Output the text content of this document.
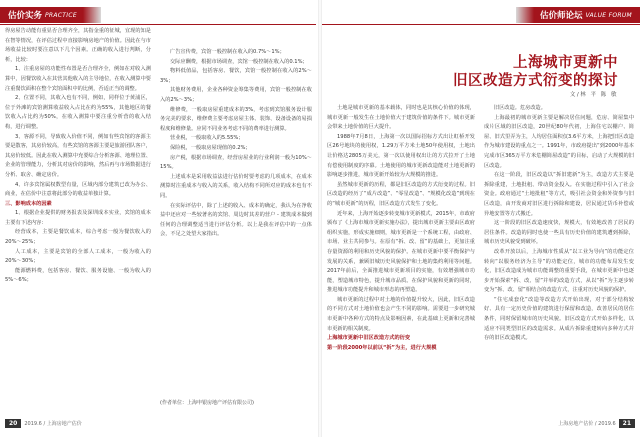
估价实务 PRACTICE	估价师论坛 VALUE FORUM

得房屋告动能有重显否合理齐全，其指金重的征城，宜现的知是在智等情况，在评估过程中直接影响房地产的价值。因此在与市场收益比较时要注意以下几个因素。正确的收入进行判断，分析，比较：

1、注重房屋的功能性布置是否合理齐全，例如在对收入测算中，因餐饮收入在其营其他收入的主导地位，在收入测算中要注重餐饮面积在整个宾馆面积中的比例，否适正当的调整。

2、位置不同，其收入也有不同，例如，同样位于黄浦区，位于外滩的宾馆测算收益收入占比在约为55%，其他地区的餐饮收入占比约为50%，在收入测算中要注重分析营的收入结构，进行调整。

3、客源不同，导致收入价值不同，例如有些宾馆的客源主要是散客，其房价较高，有些宾馆的客源主要是旅游团队客户，其房价较低。因此在收入测算中充要综合分析客源、地理位置、企业的管理能力，分析其对房价的影响，然后再与市场数据进行分析、取舍、确定房价。

4、许多宾馆属权数型有量，区域内部分建筑已改为办公、商业，在估价中注意将此部分的收益单独计算。

三、影响成本的因素

1、根据企业提供的财务报表及深圳成本实业，宾馆的成本主要有下述内容：

经营成本，主要是餐饮成本，综合考虑一般为餐饮收入的20%～25%；

人工成本，主要是宾馆的全部人工成本，一般为收入的20%～30%；

能源燃料费，包括客房、餐饮、服务设施、一般为收入的5%～6%；

广告宣传费，宾馆一般控制在收入的0.7%～1%；

交际应酬费，根据市场调查，宾馆一般控制在收入的0.1%；

物料低值品，包括客房、餐饮，宾馆一般控制在收入的2%～3%；

其他财务费用，企业各种资金筹集等费用，宾馆一般控制在收入的2%～3%；

维修费，一般取房屋重建成本的3%，考虑到宾馆服务设计服务完美的要求，维修费主要考虑房屋主体、装饰、设备设备的易损程度和维修量。应同不同业务考虑不同的费率进行测算。

营业税，一般取收入的5.55%；

保险税，一般取房屋现值的0.2%；

房产税，根据市场调查，经营房屋业的行业利润一般为10%～15%。

上述成本是采用收益法进行估价时要考虑的几项成本，在成本测算时注重成本与收入的关系，收入结构不同所对应的成本也有不同。

在实际评估中，除了上述的收入、成本的确定，我认为在净收益中还应对一些较著名的宾馆、周边时其差的营户 - 建筑成本做到任何的合理调整适当进行评估分析。以上是我在评估中的一点体会，不足之处望大家指出。

(作者单位：上海申银房地产评估有限公司)
上海城市更新中
旧区改造方式衍变的探讨
文/林 平 陈 敏

土地是城市更新的基本载体，同时也是其核心价值的体现，城市更新一般发生在土地价值大于建筑价值的条件下。城市更新会带来土地价值的巨大提升。

1988年7月8日，上海第一次以国际招标方式出让虹桥开发区26号地块的使用权，1.29万平方米土地50年使用权，土地出让价格达2805万美元，第一次以使用权出让的方式拉开了土地有偿使用制度的序幕。土地使用的城市更新改造能对土地更新的影响逐步推进，城市更新开始较为大规模的推进。

虽然城市更新的历程，都是旧区改造的方式衍变的过程。旧区改造的经历了“成片改造”、“零星改造”、“规模化改造”到现在的“城市更新”的历程，旧区改造方式发生了变化。

近年来，上海开始逐步转变城市更新模式，2015年，市政府颁布了《上海市城市更新实施办法》，提出城市更新主要由区政府组织实施，形成实施细则，城市更新是一个系统工程，由政府、市场、业主共同参与。在原有“拆、改、留”的基础上，更加注重存量资源的利用和历史风貌的保护。在城市更新中要平衡保护与发展的关系，兼顾旧城历史风貌保护和土地的集约利用等问题。2017年前后，全面推进城市更新项目的实施，有效增强城市功能，塑造城市特色，提升城市品质。在保护风貌和更新的同时，推进城市功能提升和城市形态的再塑造。

城市更新的过程中对土地的价值提升较大，因此，旧区改造的不同方式对土地价值也会产生不同的影响。需要进一步研究城市更新中各种方式的特点及影响因素，在此基础上更新和完善城市更新的相关制度。

上海城市更新中旧区改造方式的衍变

第一阶段2000年以前以“拆”为主，进行大规模

旧区改造。危房改造。

上海最初的城市更新主要是解决居住问题，危房、简屋集中成片区域的旧区改造，20世纪80年代初，上海住宅以棚户、简屋、旧式里弄为主，人均居住面积仅3.6平方米，上海把旧区改造作为城市建设的重点之一。1991年，市政府提出“到2000年基本完成市区365万平方米危棚简屋改造”的目标，启动了大规模的旧区改造。

在这一阶段，旧区改造以“拆旧建新”为主，改造方式主要是拆除重建，土地批租、带动资金投入。在实施过程中引入了社会资金。政府通过“土地批租”等方式，吸引社会资金和外资参与旧区改造，由开发商对旧区进行拆除和建设，居民通过货币补偿或异地安置等方式搬迁。

这一阶段的旧区改造速度快，规模大，有效地改善了居民的居住条件。改造的同时也使一些具有历史价值的建筑遭到拆除，城市历史风貌受到破坏。

改革开放以后，上海城市性质从“以工业为导向”的功能定位转向“以服务经济为主导”的功能定位，城市的功能布局发生变化，旧区改造成为城市功能调整的重要手段，在城市更新中也逐步开始探索“拆、改、留”并举的改造方式，从以“拆”为主逐步转变为“拆、改、留”相结合的改造方式，注重对历史风貌的保护。

“住宅成套化”改造等改造方式开始出现，对于部分结构较好、具有一定历史价值的建筑进行保留和改造，改善居民的居住条件，同时保留城市的历史风貌。旧区改造方式开始多样化，以适应不同类型旧区的改造需求。从成片拆除重建转向多种方式并存的旧区改造模式。

20	2019.6 / 上海房地产估价	上海房地产估价 / 2019.6	21
